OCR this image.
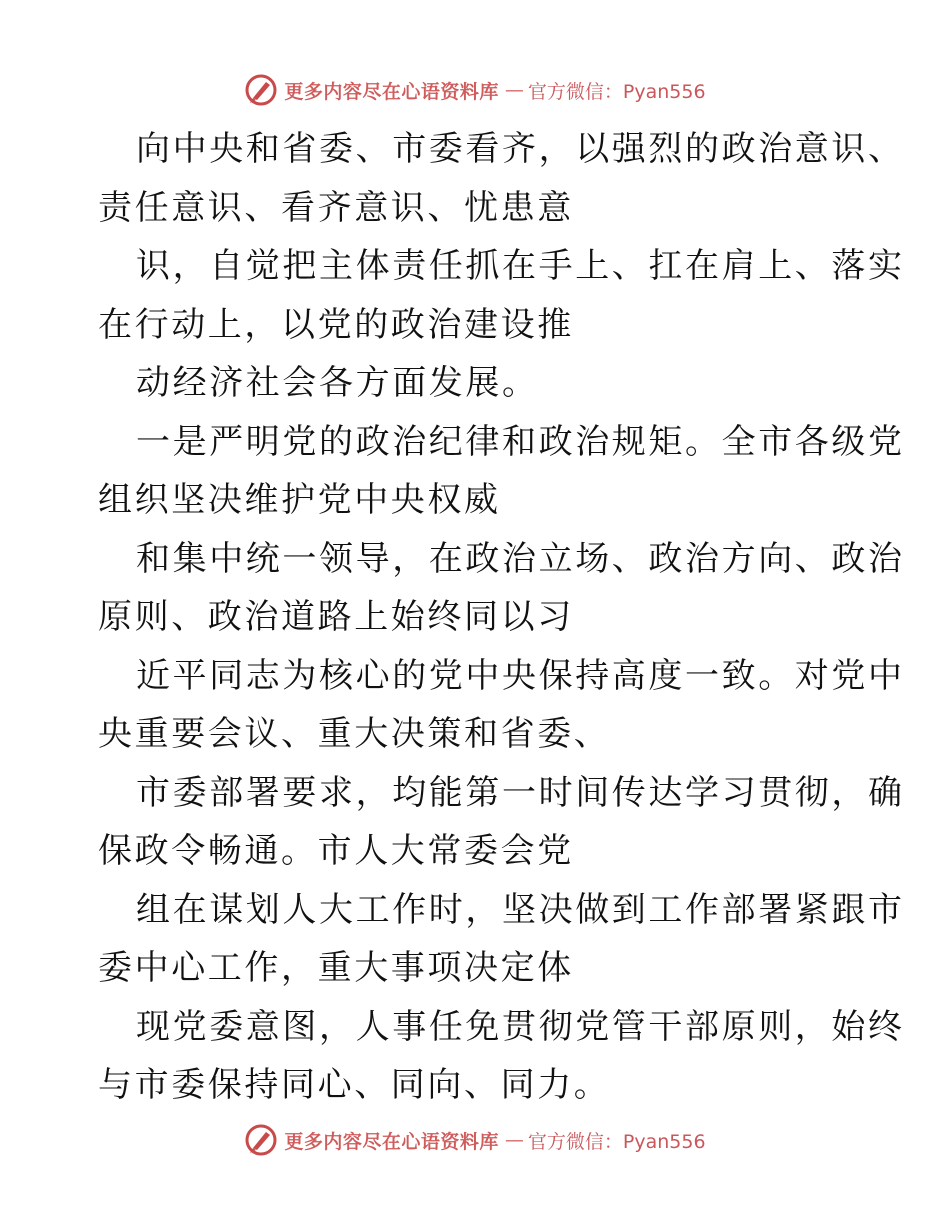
更多内容尽在心语资料库 — 官方微信：Pyan556
向中央和省委、市委看齐，以强烈的政治意识、
责任意识、看齐意识、忧患意
识，自觉把主体责任抓在手上、扛在肩上、落实
在行动上，以党的政治建设推
动经济社会各方面发展。
一是严明党的政治纪律和政治规矩。全市各级党
组织坚决维护党中央权威
和集中统一领导，在政治立场、政治方向、政治
原则、政治道路上始终同以习
近平同志为核心的党中央保持高度一致。对党中
央重要会议、重大决策和省委、
市委部署要求，均能第一时间传达学习贯彻，确
保政令畅通。市人大常委会党
组在谋划人大工作时，坚决做到工作部署紧跟市
委中心工作，重大事项决定体
现党委意图，人事任免贯彻党管干部原则，始终
与市委保持同心、同向、同力。
更多内容尽在心语资料库 — 官方微信：Pyan556
